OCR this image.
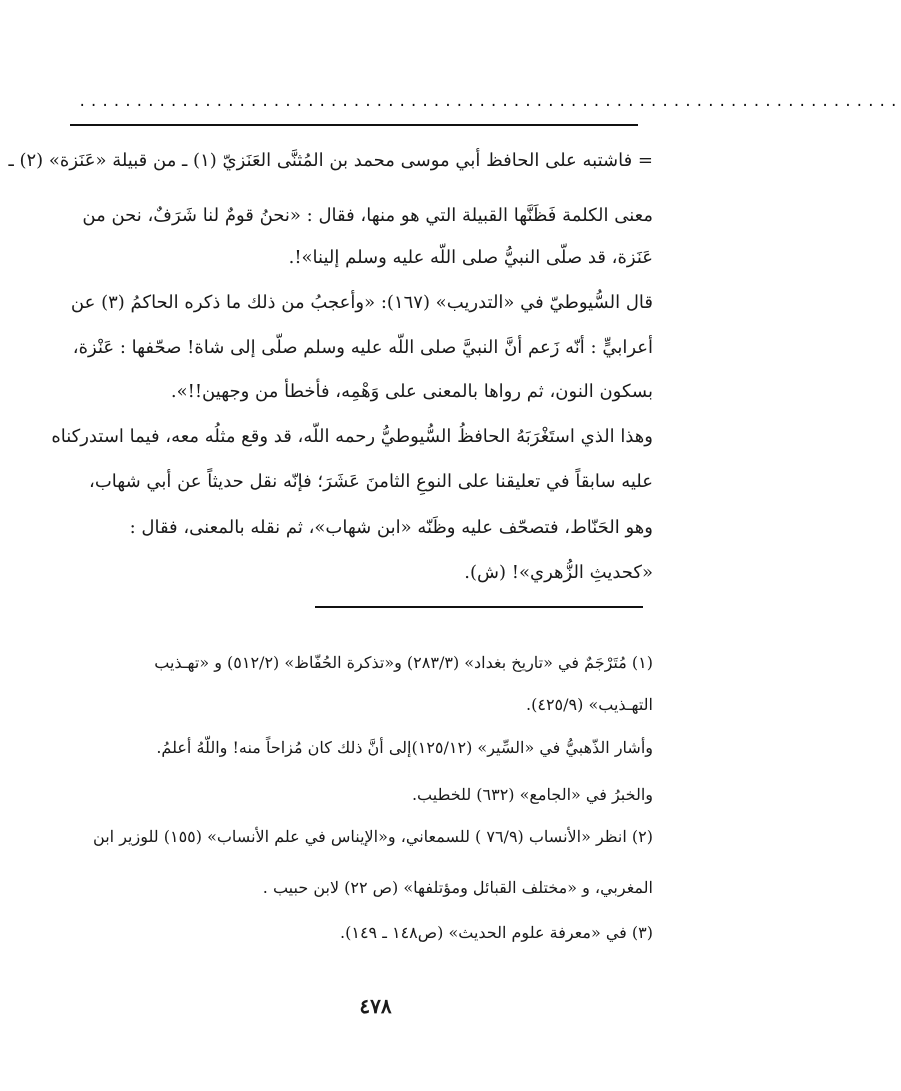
........................................................................
= فاشتبه على الحافظ أبي موسى محمد بن المُثنَّى العَنَزيّ (١) ـ من قبيلة «عَنَزة» (٢) ـ
معنى الكلمة فَظَنَّها القبيلة التي هو منها، فقال : «نحنُ قومٌ لنا شَرَفٌ، نحن من
عَنَزة، قد صلّى النبيُّ صلى اللّه عليه وسلم إلينا»!.
قال السُّيوطيّ في «التدريب» (١٦٧): «وأعجبُ من ذلك ما ذكره الحاكمُ (٣) عن
أعرابيٍّ : أنّه زَعم أنَّ النبيَّ صلى اللّه عليه وسلم صلّى إلى شاة! صحّفها : عَنْزة،
بسكون النون، ثم رواها بالمعنى على وَهْمِه، فأخطأ من وجهين!!».
وهذا الذي استَغْرَبَهُ الحافظُ السُّيوطيُّ رحمه اللّه، قد وقع مثلُه معه، فيما استدركناه
عليه سابقاً في تعليقنا على النوعِ الثامنَ عَشَرَ؛ فإنّه نقل حديثاً عن أبي شهاب،
وهو الحَنّاط، فتصحّف عليه وظَنّه «ابن شهاب»، ثم نقله بالمعنى، فقال :
«كحديثِ الزُّهري»! (ش).
(١) مُتَرْجَمٌ في «تاريخ بغداد» (٢٨٣/٣) و«تذكرة الحُفّاظ» (٥١٢/٢) و «تهـذيب
التهـذيب» (٤٢٥/٩).
وأشار الذّهبيُّ في «السِّير» (١٢٥/١٢)إلى أنَّ ذلك كان مُزاحاً منه! واللّهُ أعلمُ.
والخبرُ في «الجامع» (٦٣٢) للخطيب.
(٢) انظر «الأنساب (٧٦/٩ ) للسمعاني، و«الإيناس في علم الأنساب» (١٥٥) للوزير ابن
المغربي، و «مختلف القبائل ومؤتلفها» (ص ٢٢) لابن حبيب .
(٣) في «معرفة علوم الحديث» (ص١٤٨ ـ ١٤٩).
٤٧٨
